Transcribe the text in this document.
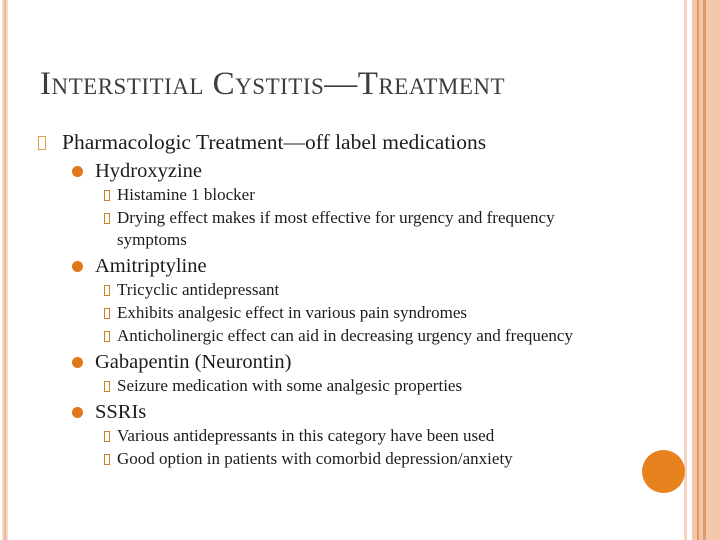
Interstitial Cystitis—Treatment
Pharmacologic Treatment—off label medications
Hydroxyzine
Histamine 1 blocker
Drying effect makes if most effective for urgency and frequency symptoms
Amitriptyline
Tricyclic antidepressant
Exhibits analgesic effect in various pain syndromes
Anticholinergic effect can aid in decreasing urgency and frequency
Gabapentin (Neurontin)
Seizure medication with some analgesic properties
SSRIs
Various antidepressants in this category have been used
Good option in patients with comorbid depression/anxiety
